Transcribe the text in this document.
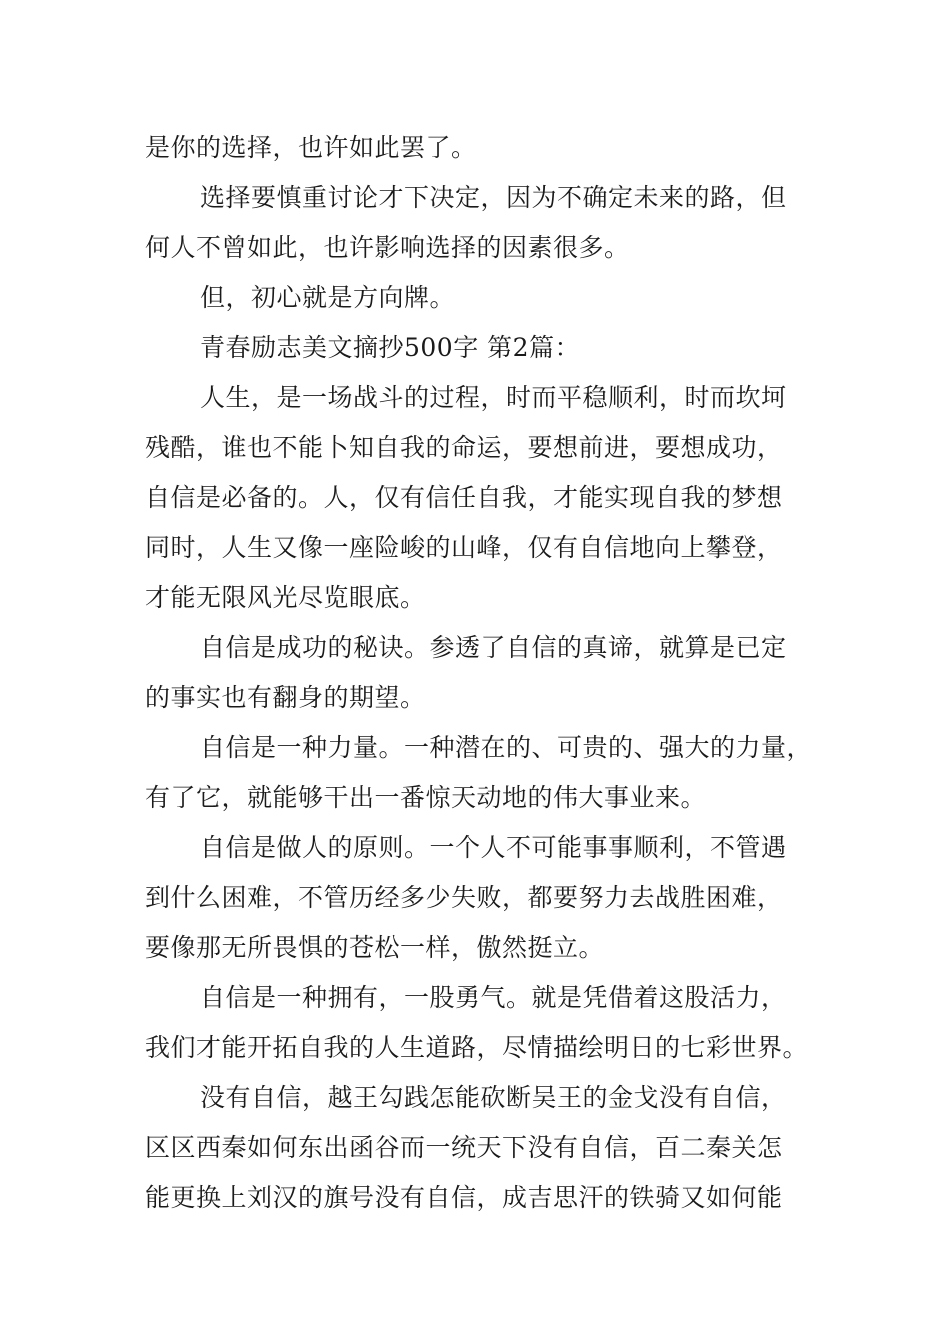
是你的选择，也许如此罢了。
选择要慎重讨论才下决定，因为不确定未来的路，但
何人不曾如此，也许影响选择的因素很多。
但，初心就是方向牌。
青春励志美文摘抄500字 第2篇：
人生，是一场战斗的过程，时而平稳顺利，时而坎坷
残酷，谁也不能卜知自我的命运，要想前进，要想成功，
自信是必备的。人，仅有信任自我，才能实现自我的梦想
同时，人生又像一座险峻的山峰，仅有自信地向上攀登，
才能无限风光尽览眼底。
自信是成功的秘诀。参透了自信的真谛，就算是已定
的事实也有翻身的期望。
自信是一种力量。一种潜在的、可贵的、强大的力量，
有了它，就能够干出一番惊天动地的伟大事业来。
自信是做人的原则。一个人不可能事事顺利，不管遇
到什么困难，不管历经多少失败，都要努力去战胜困难，
要像那无所畏惧的苍松一样，傲然挺立。
自信是一种拥有，一股勇气。就是凭借着这股活力，
我们才能开拓自我的人生道路，尽情描绘明日的七彩世界。
没有自信，越王勾践怎能砍断吴王的金戈没有自信，
区区西秦如何东出函谷而一统天下没有自信，百二秦关怎
能更换上刘汉的旗号没有自信，成吉思汗的铁骑又如何能
